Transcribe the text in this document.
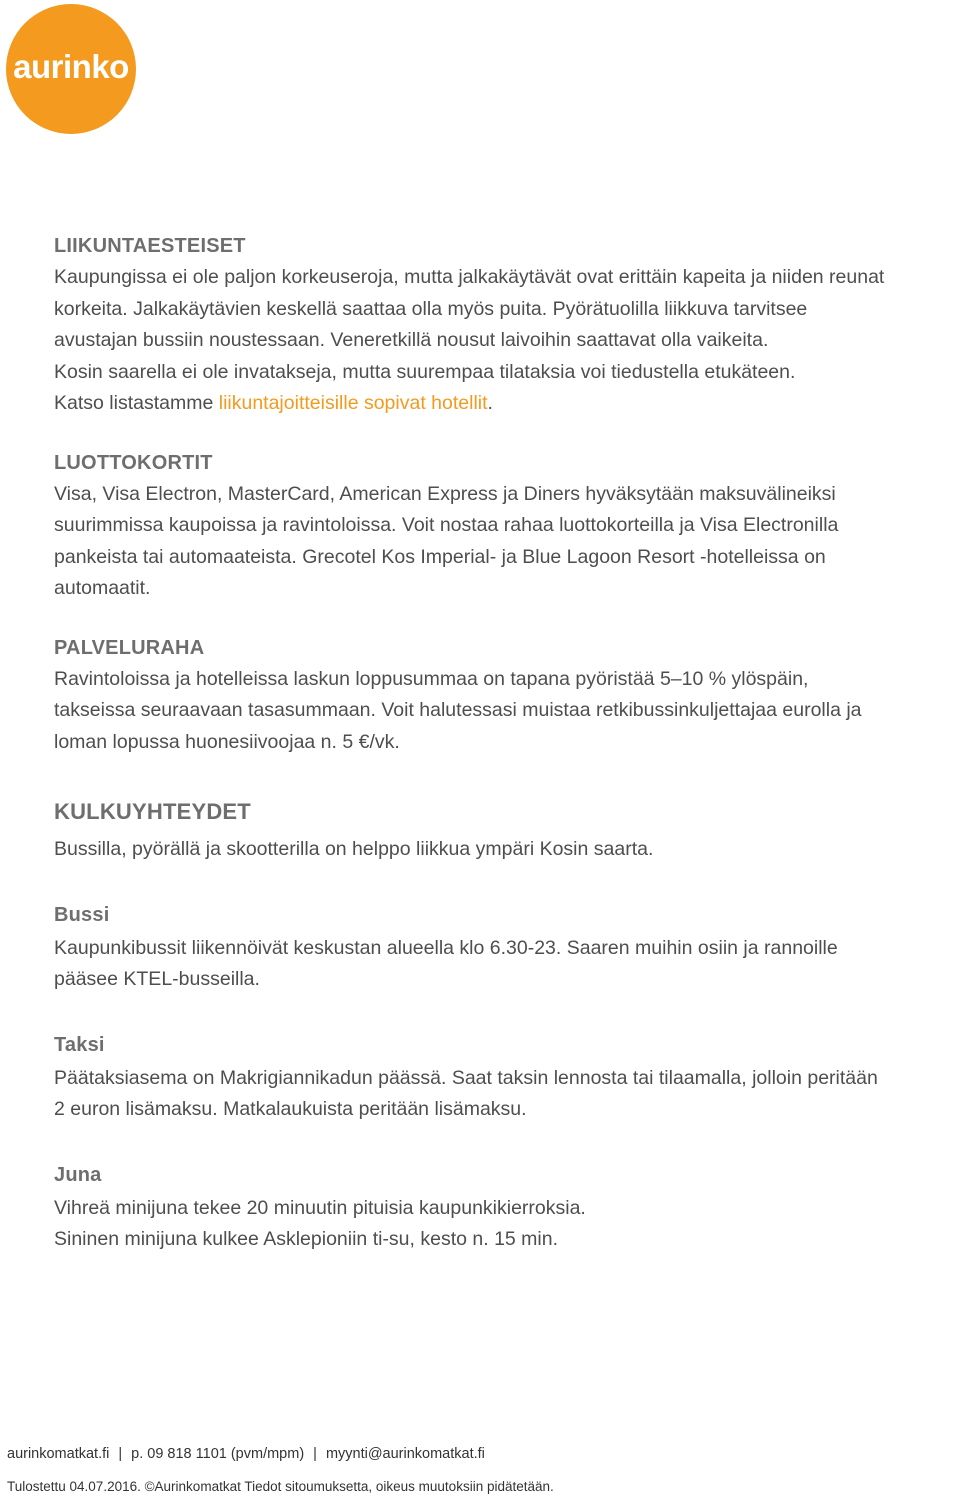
aurinko
LIIKUNTAESTEISET

Kaupungissa ei ole paljon korkeuseroja, mutta jalkakäytävät ovat erittäin kapeita ja niiden reunat
korkeita. Jalkakäytävien keskellä saattaa olla myös puita. Pyörätuolilla liikkuva tarvitsee
avustajan bussiin noustessaan. Veneretkillä nousut laivoihin saattavat olla vaikeita.
Kosin saarella ei ole invatakseja, mutta suurempaa tilataksia voi tiedustella etukäteen.
Katso listastamme liikuntajoitteisille sopivat hotellit.

LUOTTOKORTIT

Visa, Visa Electron, MasterCard, American Express ja Diners hyväksytään maksuvälineiksi
suurimmissa kaupoissa ja ravintoloissa. Voit nostaa rahaa luottokorteilla ja Visa Electronilla
pankeista tai automaateista. Grecotel Kos Imperial- ja Blue Lagoon Resort -hotelleissa on
automaatit.

PALVELURAHA

Ravintoloissa ja hotelleissa laskun loppusummaa on tapana pyöristää 5–10 % ylöspäin,
takseissa seuraavaan tasasummaan. Voit halutessasi muistaa retkibussinkuljettajaa eurolla ja
loman lopussa huonesiivoojaa n. 5 €/vk.

KULKUYHTEYDET

Bussilla, pyörällä ja skootterilla on helppo liikkua ympäri Kosin saarta.

Bussi

Kaupunkibussit liikennöivät keskustan alueella klo 6.30-23. Saaren muihin osiin ja rannoille
pääsee KTEL-busseilla.

Taksi

Päätaksiasema on Makrigiannikadun päässä. Saat taksin lennosta tai tilaamalla, jolloin peritään
2 euron lisämaksu. Matkalaukuista peritään lisämaksu.

Juna

Vihreä minijuna tekee 20 minuutin pituisia kaupunkikierroksia.
Sininen minijuna kulkee Asklepioniin ti-su, kesto n. 15 min.

aurinkomatkat.fi | p. 09 818 1101 (pvm/mpm) | myynti@aurinkomatkat.fi
Tulostettu 04.07.2016. ©Aurinkomatkat Tiedot sitoumuksetta, oikeus muutoksiin pidätetään.
